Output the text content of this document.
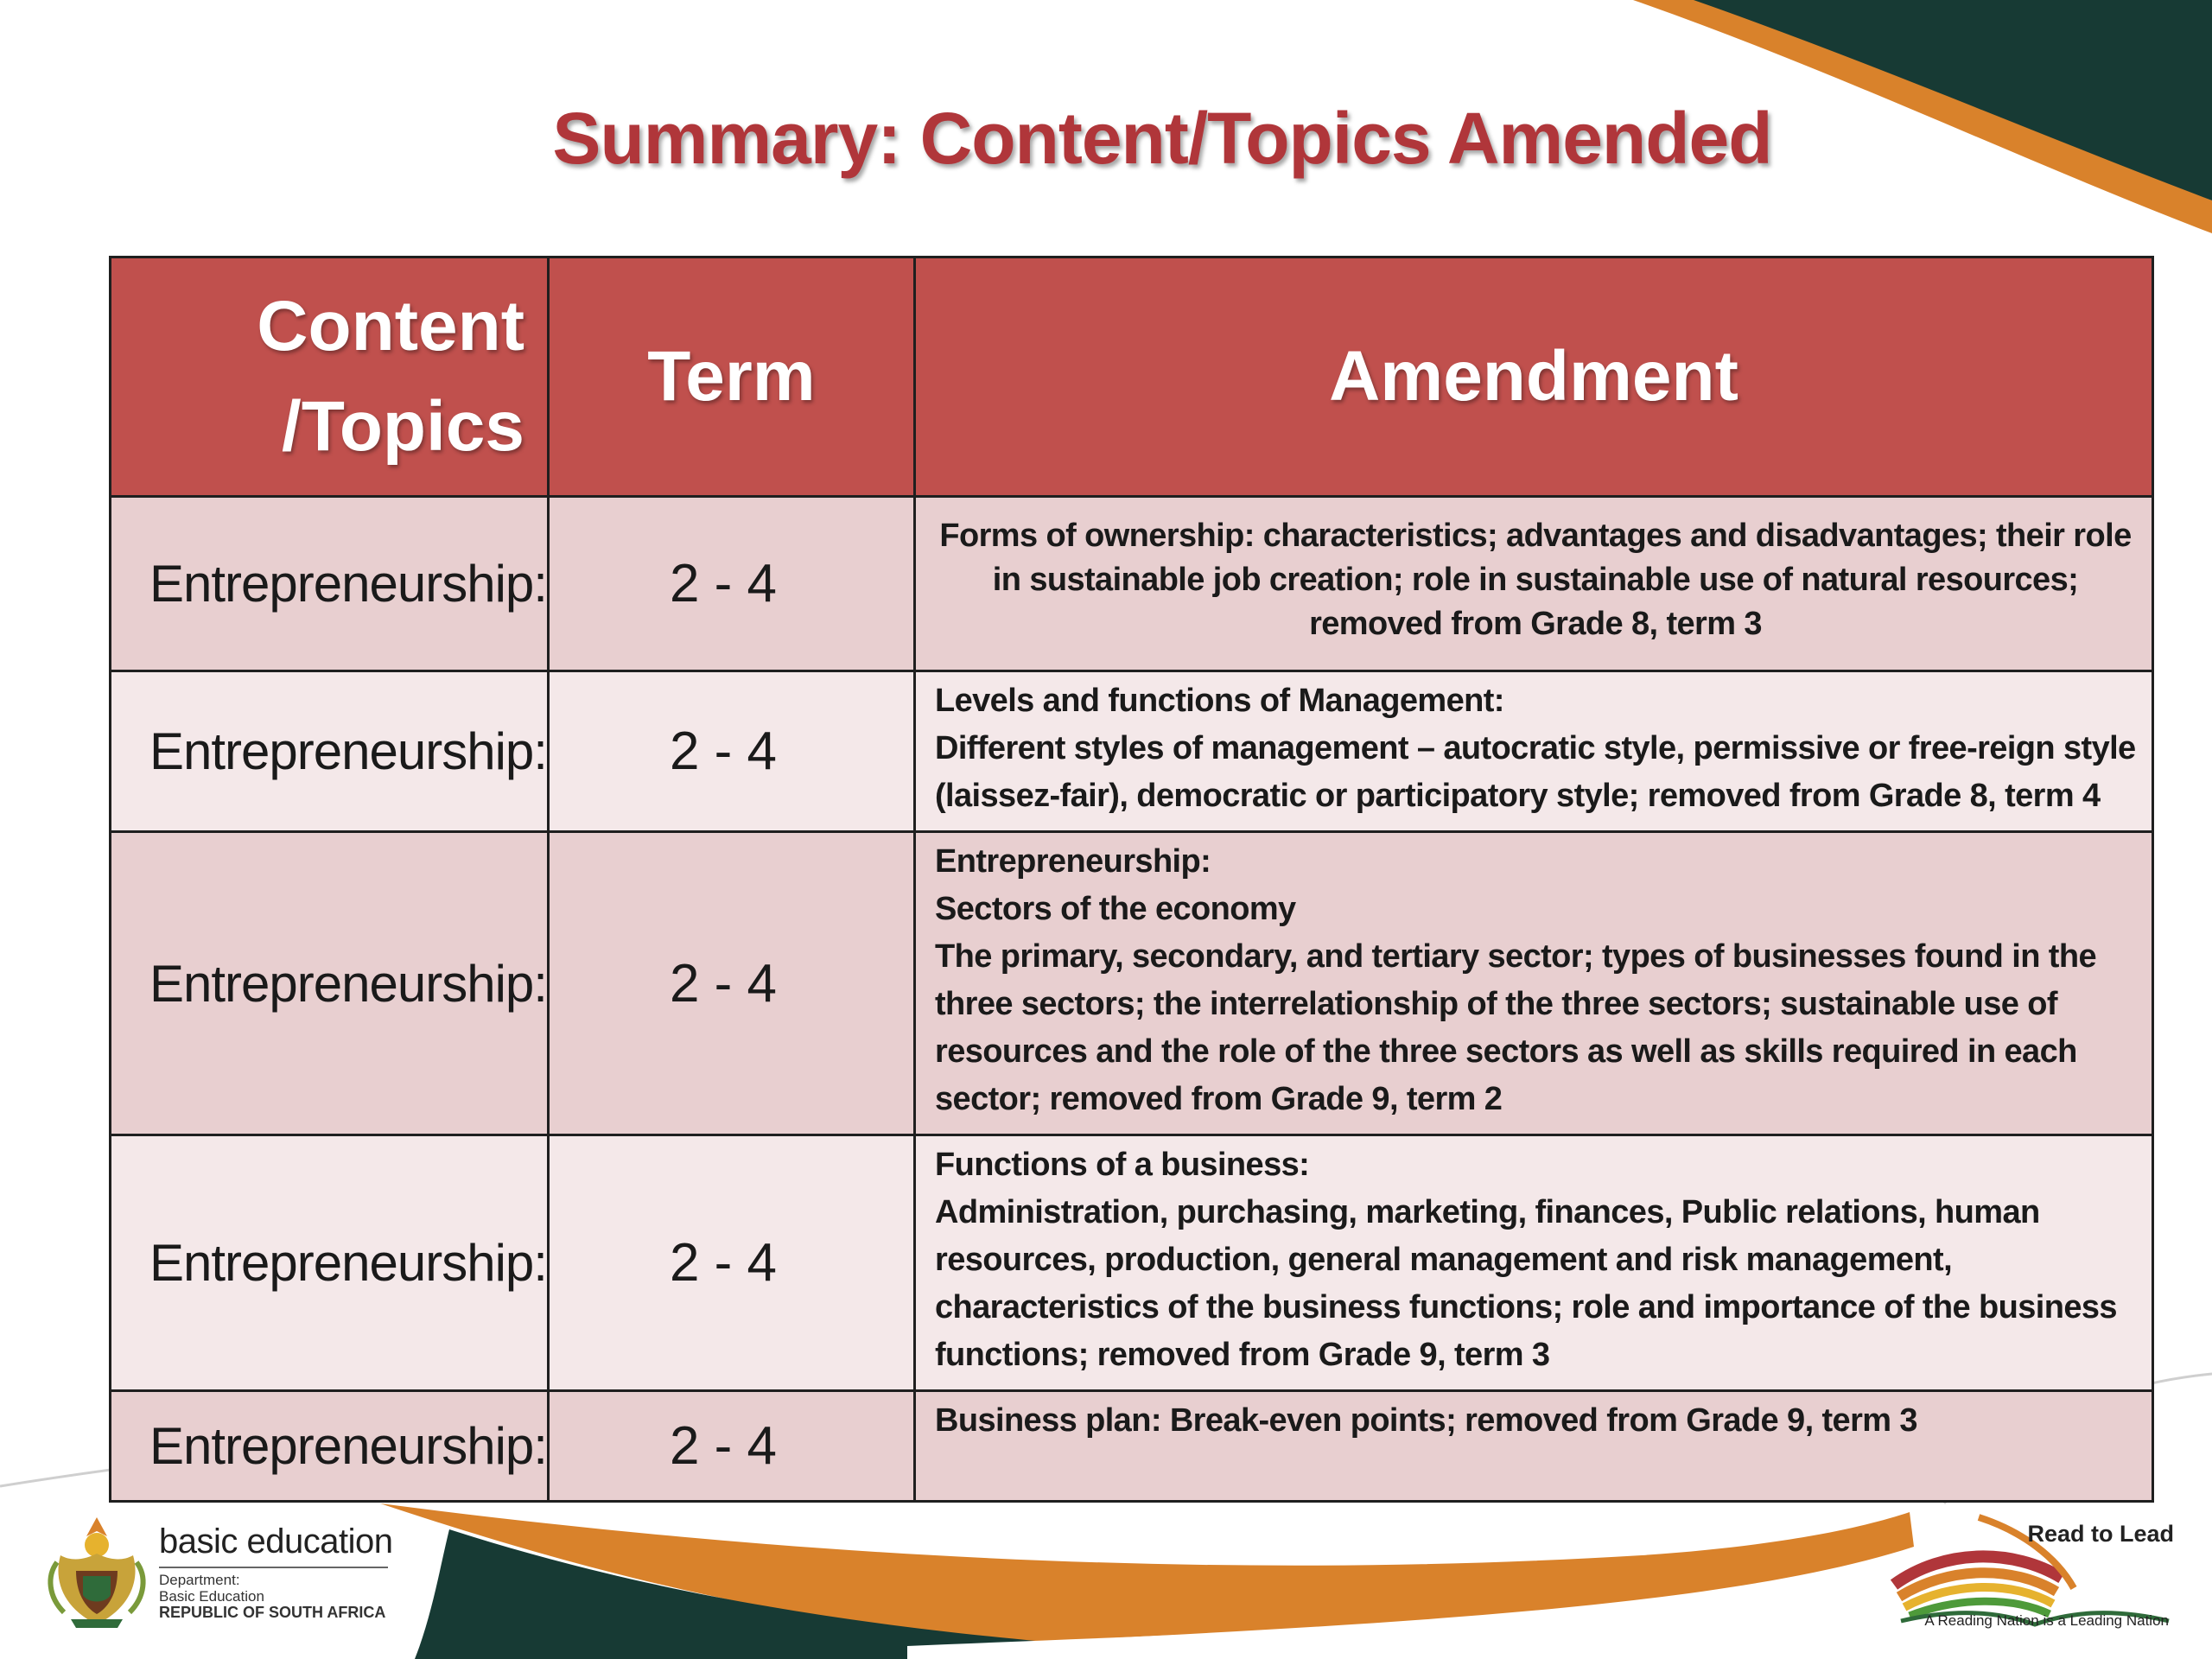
Summary: Content/Topics Amended
Content
/Topics	Term	Amendment
Entrepreneurship:	2 - 4	Forms of ownership: characteristics; advantages and disadvantages; their role in sustainable job creation; role in sustainable use of natural resources; removed from Grade 8, term 3

Entrepreneurship:	2 - 4	Levels and functions of Management:
Different styles of management – autocratic style, permissive or free-reign style (laissez-fair), democratic or participatory style; removed from Grade 8, term 4

Entrepreneurship:	2 - 4	Entrepreneurship:
Sectors of the economy
The primary, secondary, and tertiary sector; types of businesses found in the three sectors; the interrelationship of the three sectors; sustainable use of resources and the role of the three sectors as well as skills required in each sector; removed from Grade 9, term 2

Entrepreneurship:	2 - 4	Functions of a business:
Administration, purchasing, marketing, finances, Public relations, human resources, production, general management and risk management, characteristics of the business functions; role and importance of the business functions; removed from Grade 9, term 3

Entrepreneurship:	2 - 4	Business plan: Break-even points; removed from Grade 9, term 3
basic education
Department:
Basic Education
REPUBLIC OF SOUTH AFRICA
Read to Lead
A Reading Nation is a Leading Nation
